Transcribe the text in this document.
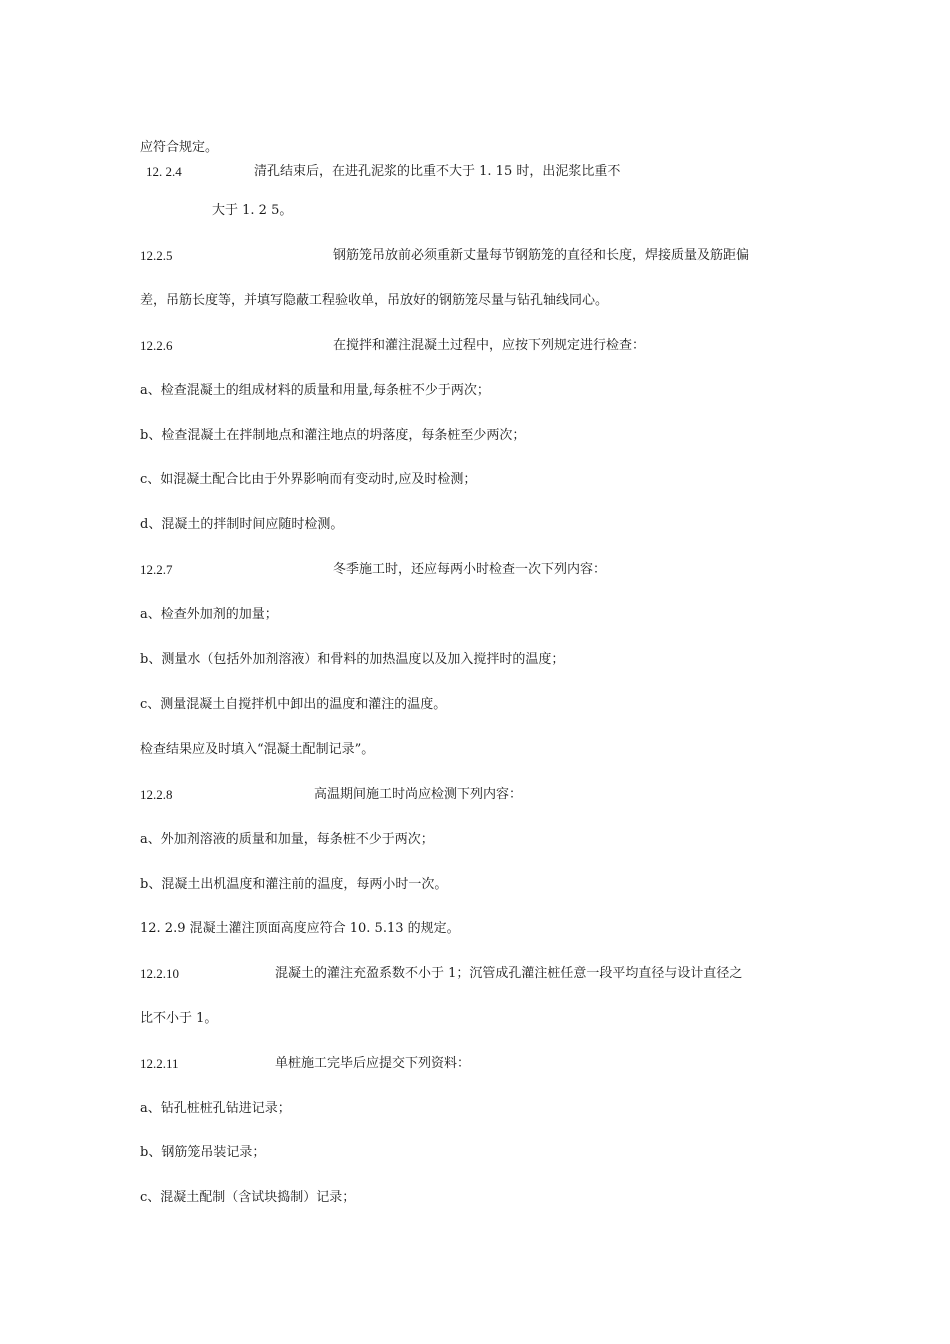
应符合规定。
12. 2.4	清孔结束后，在进孔泥浆的比重不大于 1. 15 时，出泥浆比重不
大于 1. 2 5。
12.2.5	钢筋笼吊放前必须重新丈量每节钢筋笼的直径和长度，焊接质量及筋距偏
差，吊筋长度等，并填写隐蔽工程验收单，吊放好的钢筋笼尽量与钻孔轴线同心。
12.2.6	在搅拌和灌注混凝土过程中，应按下列规定进行检查：
a、检查混凝土的组成材料的质量和用量,每条桩不少于两次；
b、检查混凝土在拌制地点和灌注地点的坍落度，每条桩至少两次；
c、如混凝土配合比由于外界影响而有变动时,应及时检测；
d、混凝土的拌制时间应随时检测。
12.2.7	冬季施工时，还应每两小时检查一次下列内容：
a、检查外加剂的加量；
b、测量水（包括外加剂溶液）和骨料的加热温度以及加入搅拌时的温度；
c、测量混凝土自搅拌机中卸出的温度和灌注的温度。
检查结果应及时填入“混凝土配制记录”。
12.2.8	高温期间施工时尚应检测下列内容：
a、外加剂溶液的质量和加量，每条桩不少于两次；
b、混凝土出机温度和灌注前的温度，每两小时一次。
12. 2.9 混凝土灌注顶面高度应符合 10. 5.13 的规定。
12.2.10	混凝土的灌注充盈系数不小于 1；沉管成孔灌注桩任意一段平均直径与设计直径之
比不小于 1。
12.2.11	单桩施工完毕后应提交下列资料：
a、钻孔桩桩孔钻进记录；
b、钢筋笼吊装记录；
c、混凝土配制（含试块捣制）记录；
